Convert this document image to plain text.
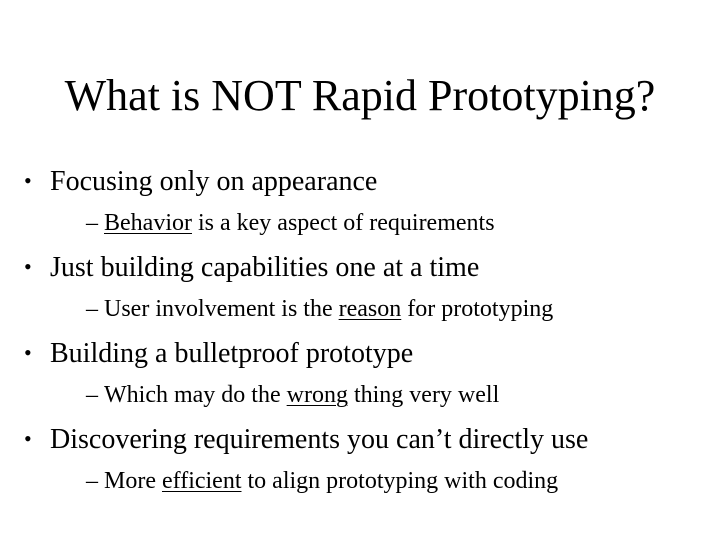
What is NOT Rapid Prototyping?
• Focusing only on appearance
– Behavior is a key aspect of requirements
• Just building capabilities one at a time
– User involvement is the reason for prototyping
• Building a bulletproof prototype
– Which may do the wrong thing very well
• Discovering requirements you can’t directly use
– More efficient to align prototyping with coding
